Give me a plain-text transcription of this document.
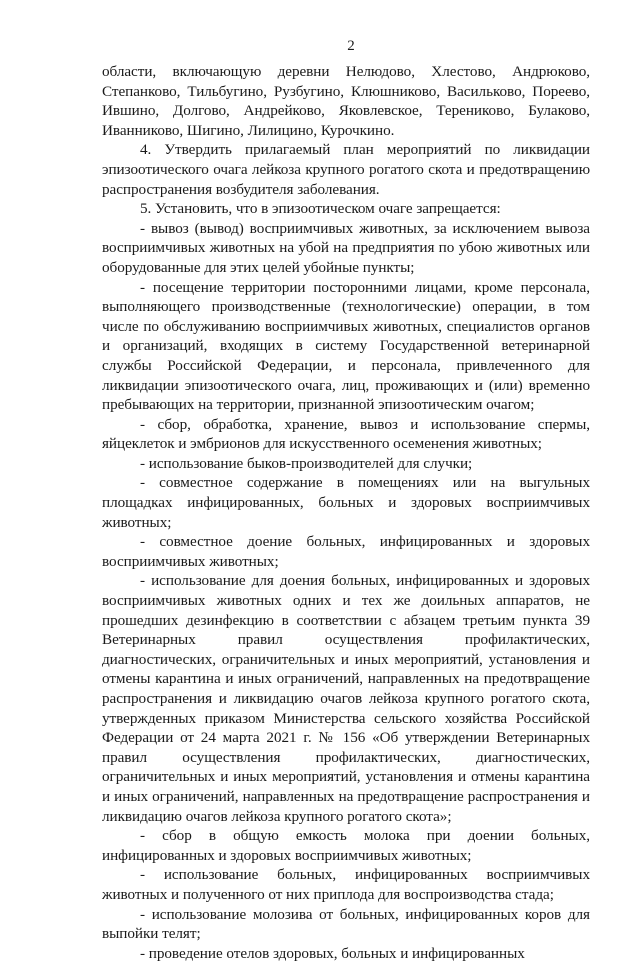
2

области, включающую деревни Нелюдово, Хлестово, Андрюково, Степанково, Тильбугино, Рузбугино, Клюшниково, Васильково, Пореево, Ившино, Долгово, Андрейково, Яковлевское, Терениково, Булаково, Иванниково, Шигино, Лилицино, Курочкино.

4. Утвердить прилагаемый план мероприятий по ликвидации эпизоотического очага лейкоза крупного рогатого скота и предотвращению распространения возбудителя заболевания.

5. Установить, что в эпизоотическом очаге запрещается:

- вывоз (вывод) восприимчивых животных, за исключением вывоза восприимчивых животных на убой на предприятия по убою животных или оборудованные для этих целей убойные пункты;

- посещение территории посторонними лицами, кроме персонала, выполняющего производственные (технологические) операции, в том числе по обслуживанию восприимчивых животных, специалистов органов и организаций, входящих в систему Государственной ветеринарной службы Российской Федерации, и персонала, привлеченного для ликвидации эпизоотического очага, лиц, проживающих и (или) временно пребывающих на территории, признанной эпизоотическим очагом;

- сбор, обработка, хранение, вывоз и использование спермы, яйцеклеток и эмбрионов для искусственного осеменения животных;

- использование быков-производителей для случки;

- совместное содержание в помещениях или на выгульных площадках инфицированных, больных и здоровых восприимчивых животных;

- совместное доение больных, инфицированных и здоровых восприимчивых животных;

- использование для доения больных, инфицированных и здоровых восприимчивых животных одних и тех же доильных аппаратов, не прошедших дезинфекцию в соответствии с абзацем третьим пункта 39 Ветеринарных правил осуществления профилактических, диагностических, ограничительных и иных мероприятий, установления и отмены карантина и иных ограничений, направленных на предотвращение распространения и ликвидацию очагов лейкоза крупного рогатого скота, утвержденных приказом Министерства сельского хозяйства Российской Федерации от 24 марта 2021 г. № 156 «Об утверждении Ветеринарных правил осуществления профилактических, диагностических, ограничительных и иных мероприятий, установления и отмены карантина и иных ограничений, направленных на предотвращение распространения и ликвидацию очагов лейкоза крупного рогатого скота»;

- сбор в общую емкость молока при доении больных, инфицированных и здоровых восприимчивых животных;

- использование больных, инфицированных восприимчивых животных и полученного от них приплода для воспроизводства стада;

- использование молозива от больных, инфицированных коров для выпойки телят;

- проведение отелов здоровых, больных и инфицированных
